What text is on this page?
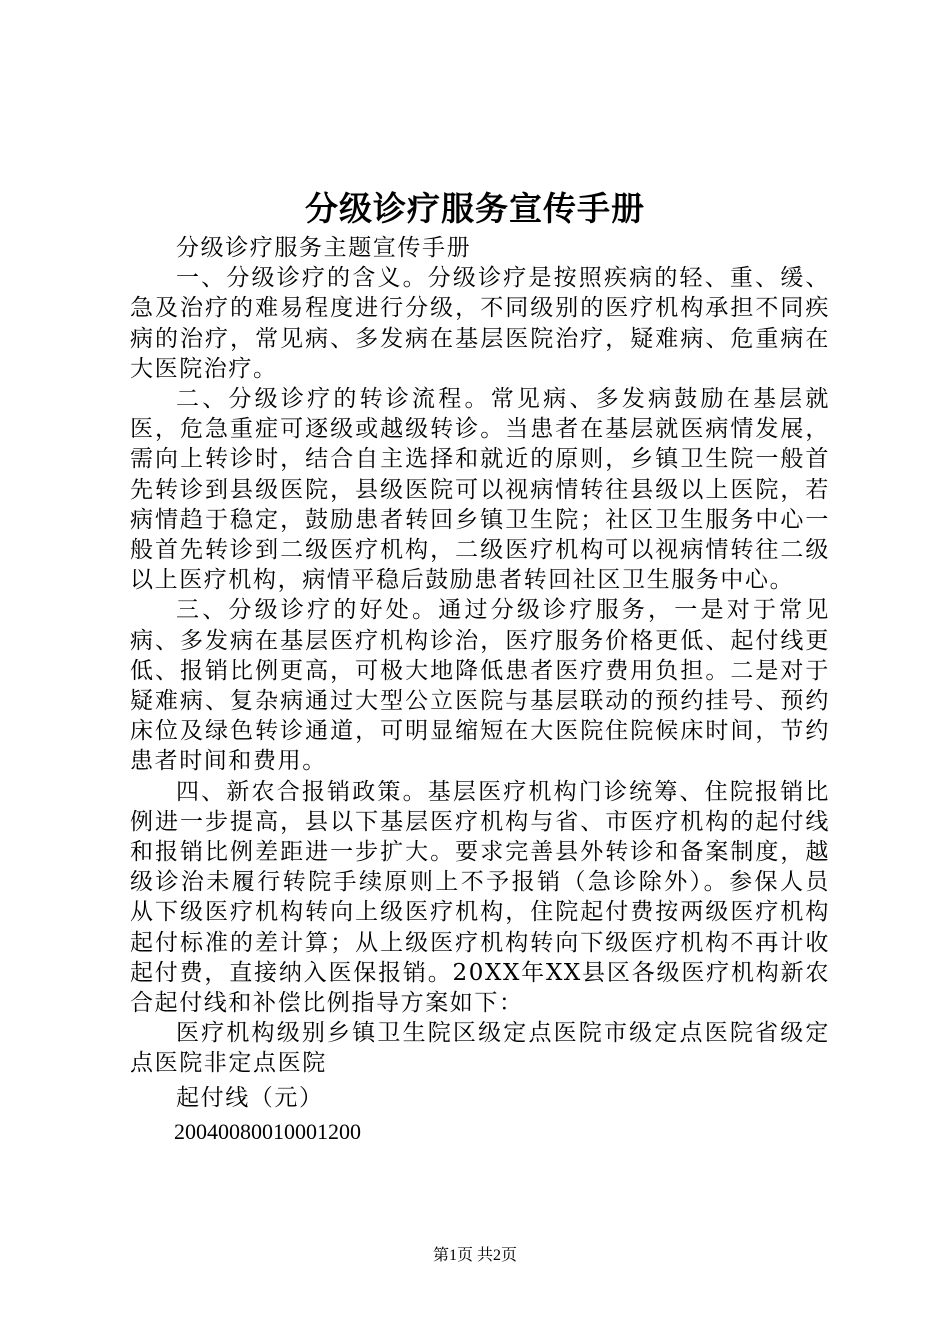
分级诊疗服务宣传手册

分级诊疗服务主题宣传手册

一、分级诊疗的含义。分级诊疗是按照疾病的轻、重、缓、急及治疗的难易程度进行分级，不同级别的医疗机构承担不同疾病的治疗，常见病、多发病在基层医院治疗，疑难病、危重病在大医院治疗。

二、分级诊疗的转诊流程。常见病、多发病鼓励在基层就医，危急重症可逐级或越级转诊。当患者在基层就医病情发展，需向上转诊时，结合自主选择和就近的原则，乡镇卫生院一般首先转诊到县级医院，县级医院可以视病情转往县级以上医院，若病情趋于稳定，鼓励患者转回乡镇卫生院；社区卫生服务中心一般首先转诊到二级医疗机构，二级医疗机构可以视病情转往二级以上医疗机构，病情平稳后鼓励患者转回社区卫生服务中心。

三、分级诊疗的好处。通过分级诊疗服务，一是对于常见病、多发病在基层医疗机构诊治，医疗服务价格更低、起付线更低、报销比例更高，可极大地降低患者医疗费用负担。二是对于疑难病、复杂病通过大型公立医院与基层联动的预约挂号、预约床位及绿色转诊通道，可明显缩短在大医院住院候床时间，节约患者时间和费用。

四、新农合报销政策。基层医疗机构门诊统筹、住院报销比例进一步提高，县以下基层医疗机构与省、市医疗机构的起付线和报销比例差距进一步扩大。要求完善县外转诊和备案制度，越级诊治未履行转院手续原则上不予报销（急诊除外）。参保人员从下级医疗机构转向上级医疗机构，住院起付费按两级医疗机构起付标准的差计算；从上级医疗机构转向下级医疗机构不再计收起付费，直接纳入医保报销。20XX年XX县区各级医疗机构新农合起付线和补偿比例指导方案如下：

医疗机构级别乡镇卫生院区级定点医院市级定点医院省级定点医院非定点医院

起付线（元）

20040080010001200

第1页 共2页
